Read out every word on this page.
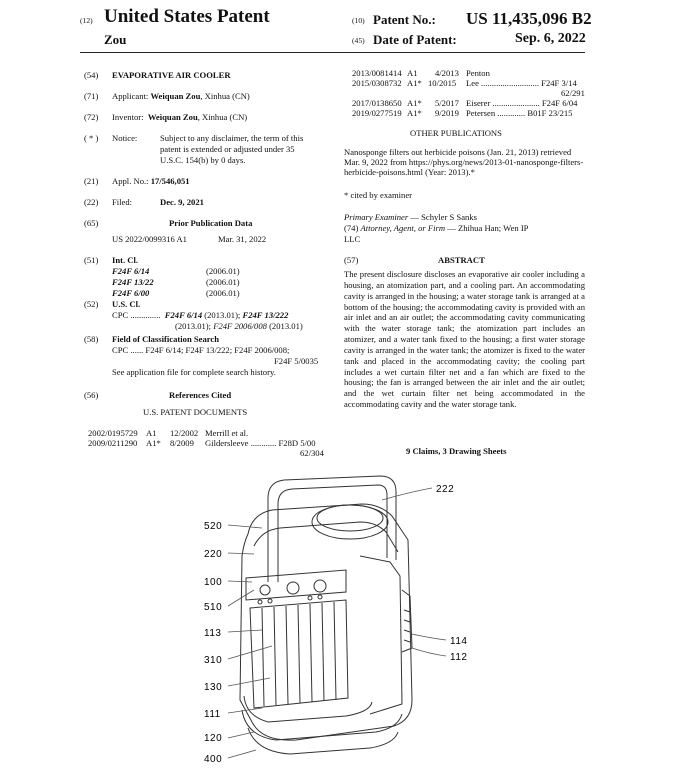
(12) United States Patent
Zou
(10) Patent No.: US 11,435,096 B2
(45) Date of Patent:	Sep. 6, 2022
(54) EVAPORATIVE AIR COOLER
(71) Applicant: Weiquan Zou, Xinhua (CN)
(72) Inventor: Weiquan Zou, Xinhua (CN)
( * ) Notice:	Subject to any disclaimer, the term of this
patent is extended or adjusted under 35
U.S.C. 154(b) by 0 days.
(21) Appl. No.: 17/546,051
(22) Filed:	Dec. 9, 2021
(65)	Prior Publication Data
US 2022/0099316 A1	Mar. 31, 2022
(51) Int. Cl.
F24F 6/14	(2006.01)
F24F 13/22	(2006.01)
F24F 6/00	(2006.01)
(52) U.S. Cl.
CPC .............. F24F 6/14 (2013.01); F24F 13/222
(2013.01); F24F 2006/008 (2013.01)
(58) Field of Classification Search
CPC ...... F24F 6/14; F24F 13/222; F24F 2006/008;
F24F 5/0035
See application file for complete search history.
(56)	References Cited
U.S. PATENT DOCUMENTS
2002/0195729 A1 12/2002 Merrill et al.
2009/0211290 A1* 8/2009 Gildersleeve ............ F28D 5/00
62/304
2013/0081414 A1 4/2013 Penton
2015/0308732 A1* 10/2015 Lee ........................... F24F 3/14
62/291
2017/0138650 A1* 5/2017 Eiserer ...................... F24F 6/04
2019/0277519 A1* 9/2019 Petersen ............. B01F 23/215
OTHER PUBLICATIONS
Nanosponge filters out herbicide poisons (Jan. 21, 2013) retrieved
Mar. 9, 2022 from https://phys.org/news/2013-01-nanosponge-filters-
herbicide-poisons.html (Year: 2013).*
* cited by examiner
Primary Examiner — Schyler S Sanks
(74) Attorney, Agent, or Firm — Zhihua Han; Wen IP
LLC
(57)	ABSTRACT
The present disclosure discloses an evaporative air cooler including a housing, an atomization part, and a cooling part. An accommodating cavity is arranged in the housing; a water storage tank is arranged at a bottom of the housing; the accommodating cavity is provided with an air inlet and an air outlet; the accommodating cavity communicating with the water storage tank; the atomization part includes an atomizer, and a water tank fixed to the housing; a first water storage cavity is arranged in the water tank; the atomizer is fixed to the water tank and placed in the accommodating cavity; the cooling part includes a wet curtain filter net and a fan which are fixed to the housing; the fan is arranged between the air inlet and the air outlet; and the wet curtain filter net being accommodated in the accommodating cavity and the water storage tank.
9 Claims, 3 Drawing Sheets
222
520
220
100
510
113
310
130
111
120
400
114
112
